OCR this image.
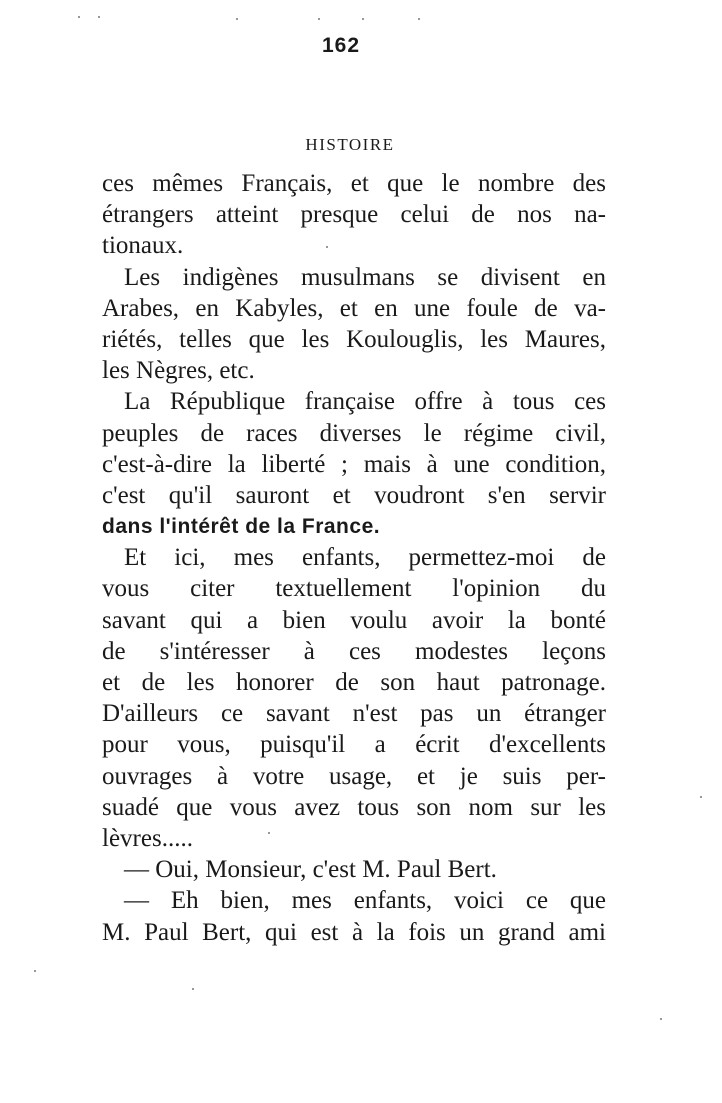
162
HISTOIRE
ces mêmes Français, et que le nombre des
étrangers atteint presque celui de nos na-
tionaux.
Les indigènes musulmans se divisent en
Arabes, en Kabyles, et en une foule de va-
riétés, telles que les Koulouglis, les Maures,
les Nègres, etc.
La République française offre à tous ces
peuples de races diverses le régime civil,
c'est-à-dire la liberté ; mais à une condition,
c'est qu'il sauront et voudront s'en servir
dans l'intérêt de la France.
Et ici, mes enfants, permettez-moi de
vous citer textuellement l'opinion du
savant qui a bien voulu avoir la bonté
de s'intéresser à ces modestes leçons
et de les honorer de son haut patronage.
D'ailleurs ce savant n'est pas un étranger
pour vous, puisqu'il a écrit d'excellents
ouvrages à votre usage, et je suis per-
suadé que vous avez tous son nom sur les
lèvres.....
— Oui, Monsieur, c'est M. Paul Bert.
— Eh bien, mes enfants, voici ce que
M. Paul Bert, qui est à la fois un grand ami
